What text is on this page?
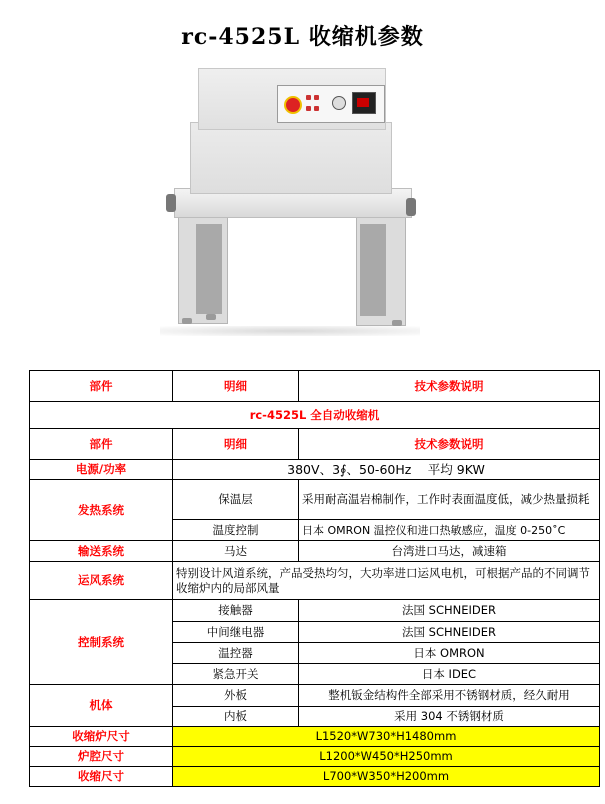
rc-4525L 收缩机参数
部件	明细	技术参数说明
rc-4525L 全自动收缩机		
部件	明细	技术参数说明
电源/功率	380V、3∮、50-60Hz　 平均 9KW	
发热系统	保温层	采用耐高温岩棉制作，工作时表面温度低，减少热量损耗
	温度控制	日本 OMRON 温控仪和进口热敏感应，温度 0-250˚C
输送系统	马达	台湾进口马达，减速箱
运风系统	特别设计风道系统，产品受热均匀，大功率进口运风电机，可根据产品的不同调节收缩炉内的局部风量	
控制系统	接触器	法国 SCHNEIDER
	中间继电器	法国 SCHNEIDER
	温控器	日本 OMRON
	紧急开关	日本 IDEC
机体	外板	整机钣金结构件全部采用不锈钢材质，经久耐用
	内板	采用 304 不锈钢材质
收缩炉尺寸	L1520*W730*H1480mm	
炉腔尺寸	L1200*W450*H250mm	
收缩尺寸	L700*W350*H200mm	
